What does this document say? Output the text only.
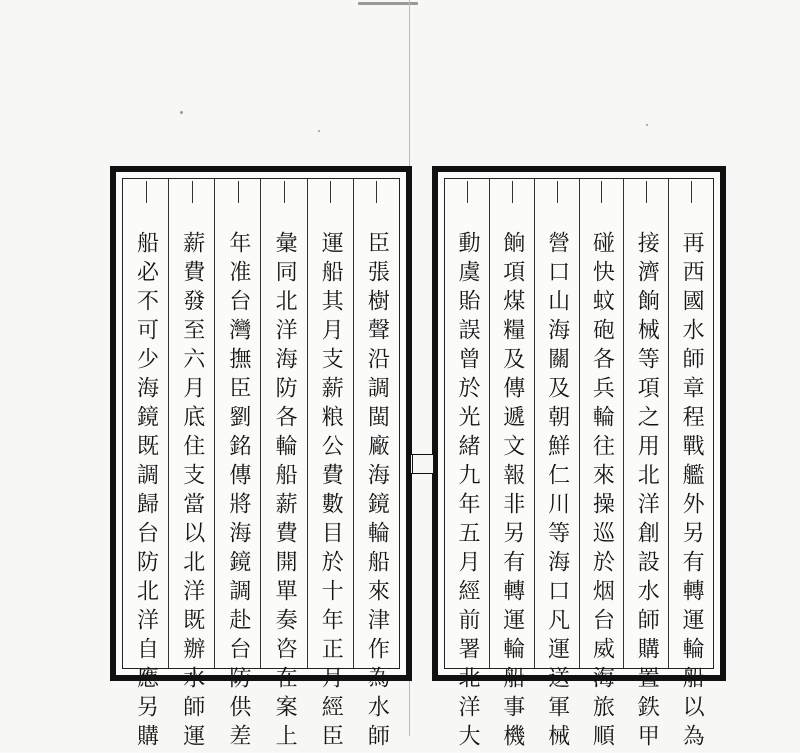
臣張樹聲沿調閩廠海鏡輪船來津作為水師
運船其月支薪粮公費數目於十年正月經臣
彙同北洋海防各輪船薪費開單奏咨在案上
年准台灣撫臣劉銘傳將海鏡調赴台防供差
薪費發至六月底住支當以北洋既辦水師運
船必不可少海鏡既調歸台防北洋自應另購	再西國水師章程戰艦外另有轉運輪船以為
接濟餉械等項之用北洋創設水師購置鉄甲
碰快蚊砲各兵輪往來操巡於烟台威海旅順
營口山海關及朝鮮仁川等海口凡運送軍械
餉項煤糧及傳遞文報非另有轉運輪船事機
動虞貽誤曾於光緒九年五月經前署北洋大
